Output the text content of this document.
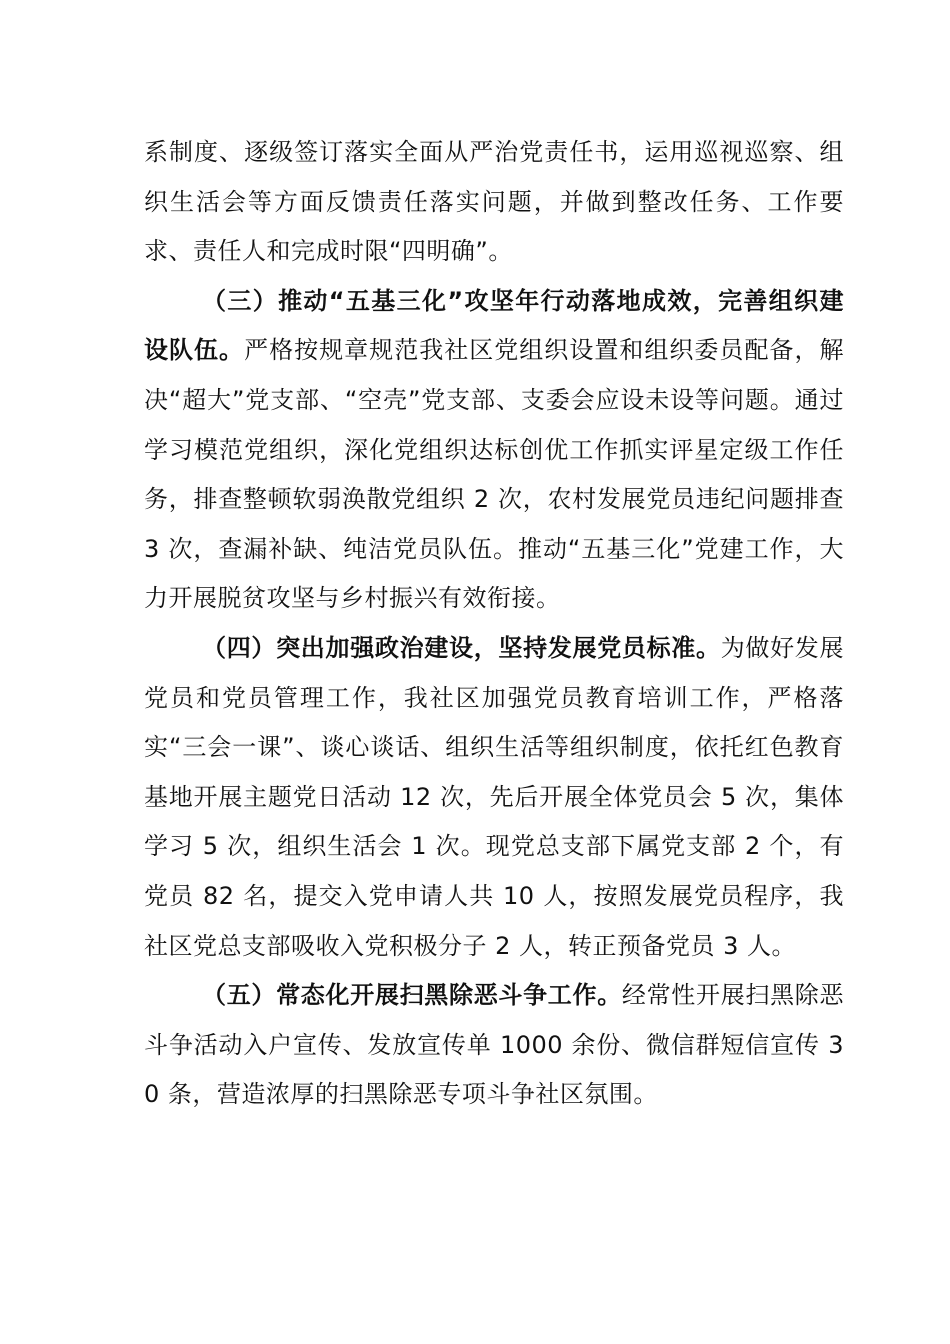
系制度、逐级签订落实全面从严治党责任书，运用巡视巡察、组织生活会等方面反馈责任落实问题，并做到整改任务、工作要求、责任人和完成时限“四明确”。

（三）推动“五基三化”攻坚年行动落地成效，完善组织建设队伍。严格按规章规范我社区党组织设置和组织委员配备，解决“超大”党支部、“空壳”党支部、支委会应设未设等问题。通过学习模范党组织，深化党组织达标创优工作抓实评星定级工作任务，排查整顿软弱涣散党组织 2 次，农村发展党员违纪问题排查 3 次，查漏补缺、纯洁党员队伍。推动“五基三化”党建工作，大力开展脱贫攻坚与乡村振兴有效衔接。

（四）突出加强政治建设，坚持发展党员标准。为做好发展党员和党员管理工作，我社区加强党员教育培训工作，严格落实“三会一课”、谈心谈话、组织生活等组织制度，依托红色教育基地开展主题党日活动 12 次，先后开展全体党员会 5 次，集体学习 5 次，组织生活会 1 次。现党总支部下属党支部 2 个，有党员 82 名，提交入党申请人共 10 人，按照发展党员程序，我社区党总支部吸收入党积极分子 2 人，转正预备党员 3 人。

（五）常态化开展扫黑除恶斗争工作。经常性开展扫黑除恶斗争活动入户宣传、发放宣传单 1000 余份、微信群短信宣传 30 条，营造浓厚的扫黑除恶专项斗争社区氛围。
